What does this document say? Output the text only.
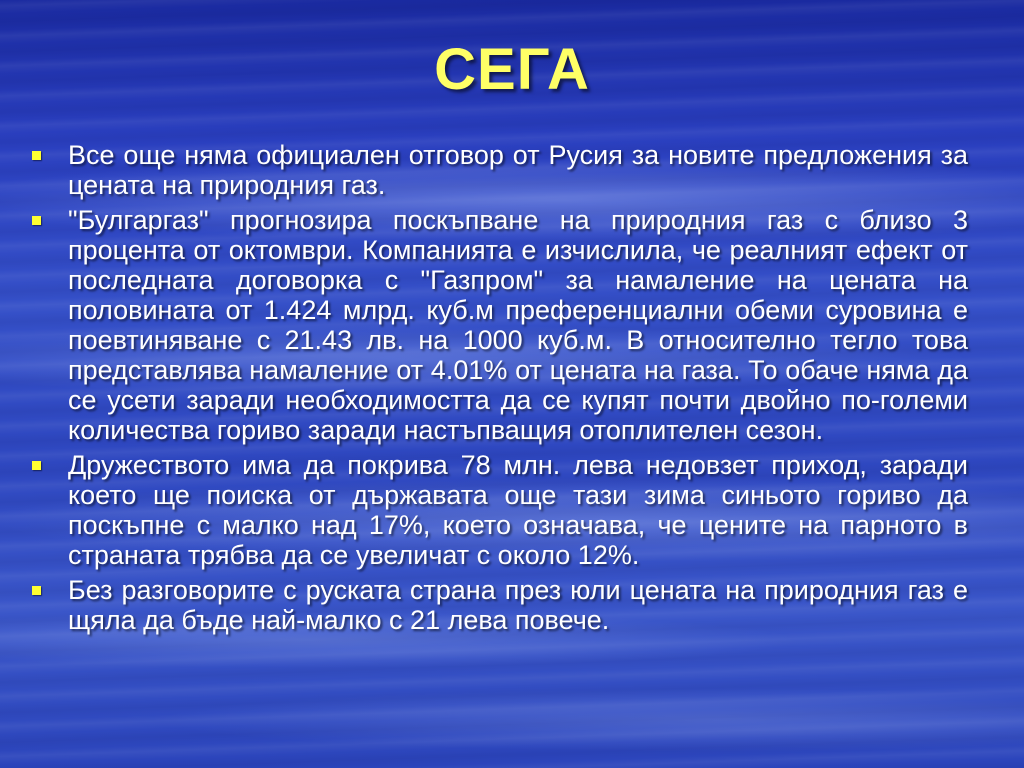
СЕГА
Все още няма официален отговор от Русия за новите предложения за цената на природния газ.
"Булгаргаз" прогнозира поскъпване на природния газ с близо 3 процента от октомври. Компанията е изчислила, че реалният ефект от последната договорка с "Газпром" за намаление на цената на половината от 1.424 млрд. куб.м преференциални обеми суровина е поевтиняване с 21.43 лв. на 1000 куб.м. В относително тегло това представлява намаление от 4.01% от цената на газа. То обаче няма да се усети заради необходимостта да се купят почти двойно по-големи количества гориво заради настъпващия отоплителен сезон.
Дружеството има да покрива 78 млн. лева недовзет приход, заради което ще поиска от държавата още тази зима синьото гориво да поскъпне с малко над 17%, което означава, че цените на парното в страната трябва да се увеличат с около 12%.
Без разговорите с руската страна през юли цената на природния газ е щяла да бъде най-малко с 21 лева повече.
